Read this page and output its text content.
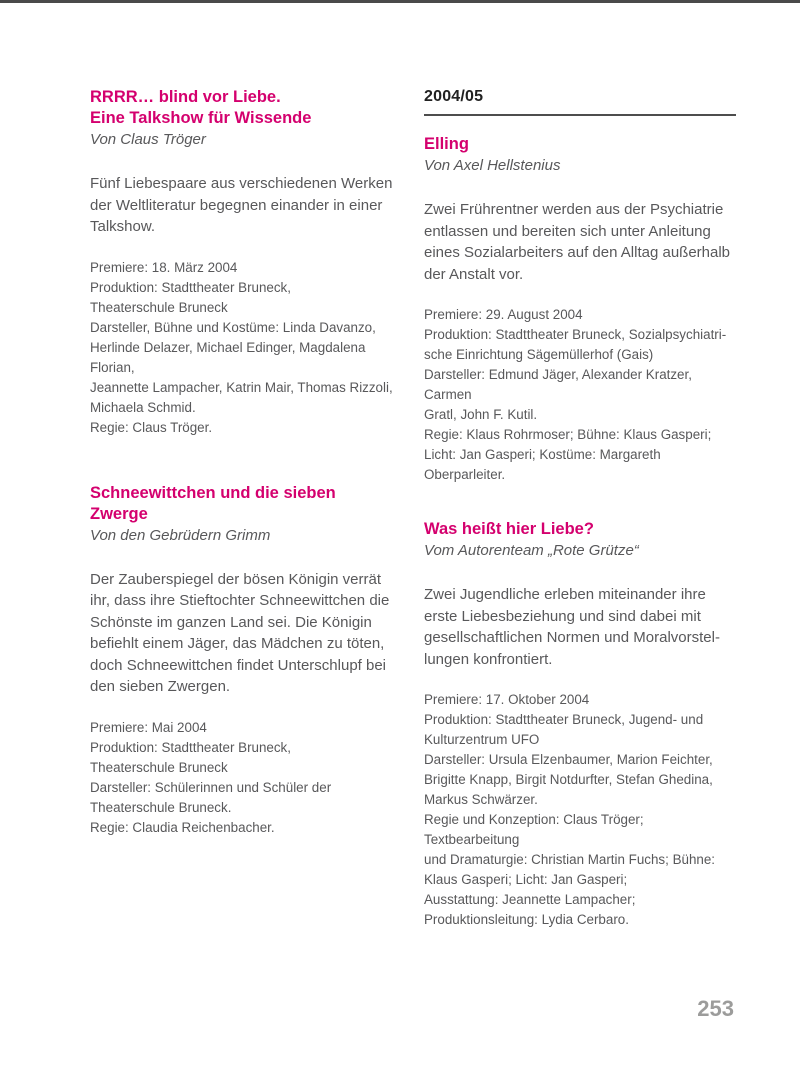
RRRR… blind vor Liebe.
Eine Talkshow für Wissende
Von Claus Tröger
Fünf Liebespaare aus verschiedenen Werken
der Weltliteratur begegnen einander in einer
Talkshow.
Premiere: 18. März 2004
Produktion: Stadttheater Bruneck,
Theaterschule Bruneck
Darsteller, Bühne und Kostüme: Linda Davanzo,
Herlinde Delazer, Michael Edinger, Magdalena Florian,
Jeannette Lampacher, Katrin Mair, Thomas Rizzoli,
Michaela Schmid.
Regie: Claus Tröger.
Schneewittchen und die sieben
Zwerge
Von den Gebrüdern Grimm
Der Zauberspiegel der bösen Königin verrät
ihr, dass ihre Stieftochter Schneewittchen die
Schönste im ganzen Land sei. Die Königin
befiehlt einem Jäger, das Mädchen zu töten,
doch Schneewittchen findet Unterschlupf bei
den sieben Zwergen.
Premiere: Mai 2004
Produktion: Stadttheater Bruneck,
Theaterschule Bruneck
Darsteller: Schülerinnen und Schüler der
Theaterschule Bruneck.
Regie: Claudia Reichenbacher.
2004/05
Elling
Von Axel Hellstenius
Zwei Frührentner werden aus der Psychiatrie
entlassen und bereiten sich unter Anleitung
eines Sozialarbeiters auf den Alltag außerhalb
der Anstalt vor.
Premiere: 29. August 2004
Produktion: Stadttheater Bruneck, Sozialpsychiatri-
sche Einrichtung Sägemüllerhof (Gais)
Darsteller: Edmund Jäger, Alexander Kratzer, Carmen
Gratl, John F. Kutil.
Regie: Klaus Rohrmoser; Bühne: Klaus Gasperi;
Licht: Jan Gasperi; Kostüme: Margareth Oberparleiter.
Was heißt hier Liebe?
Vom Autorenteam „Rote Grütze“
Zwei Jugendliche erleben miteinander ihre
erste Liebesbeziehung und sind dabei mit
gesellschaftlichen Normen und Moralvorstel-
lungen konfrontiert.
Premiere: 17. Oktober 2004
Produktion: Stadttheater Bruneck, Jugend- und
Kulturzentrum UFO
Darsteller: Ursula Elzenbaumer, Marion Feichter,
Brigitte Knapp, Birgit Notdurfter, Stefan Ghedina,
Markus Schwärzer.
Regie und Konzeption: Claus Tröger; Textbearbeitung
und Dramaturgie: Christian Martin Fuchs; Bühne:
Klaus Gasperi; Licht: Jan Gasperi;
Ausstattung: Jeannette Lampacher;
Produktionsleitung: Lydia Cerbaro.
253
